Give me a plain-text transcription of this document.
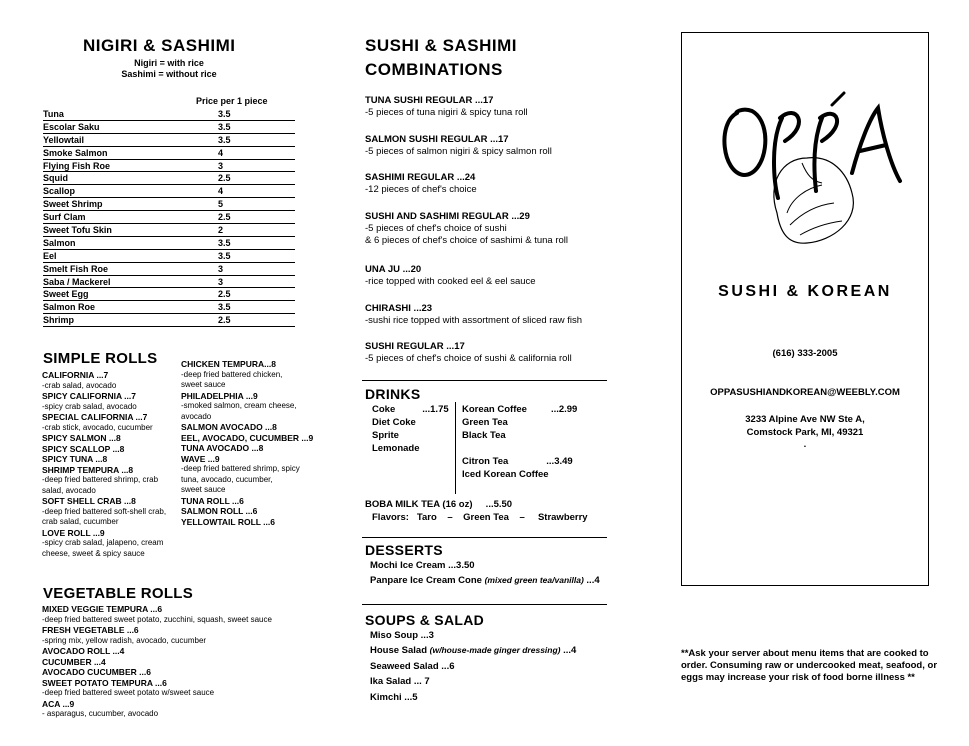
NIGIRI & SASHIMI
Nigiri = with rice
Sashimi = without rice
Price per 1 piece
Tuna	3.5
Escolar Saku	3.5
Yellowtail	3.5
Smoke Salmon	4
Flying Fish Roe	3
Squid	2.5
Scallop	4
Sweet Shrimp	5
Surf Clam	2.5
Sweet Tofu Skin	2
Salmon	3.5
Eel	3.5
Smelt Fish Roe	3
Saba / Mackerel	3
Sweet Egg	2.5
Salmon Roe	3.5
Shrimp	2.5
SIMPLE ROLLS
CALIFORNIA ...7
-crab salad, avocado
SPICY CALIFORNIA ...7
-spicy crab salad, avocado
SPECIAL CALIFORNIA ...7
-crab stick, avocado, cucumber
SPICY SALMON ...8
SPICY SCALLOP ...8
SPICY TUNA ...8
SHRIMP TEMPURA ...8
-deep fried battered shrimp, crab
salad, avocado
SOFT SHELL CRAB ...8
-deep fried battered soft-shell crab,
crab salad, cucumber
LOVE ROLL ...9
-spicy crab salad, jalapeno, cream
cheese, sweet & spicy sauce
CHICKEN TEMPURA...8
-deep fried battered chicken,
sweet sauce
PHILADELPHIA ...9
-smoked salmon, cream cheese,
avocado
SALMON AVOCADO ...8
EEL, AVOCADO, CUCUMBER ...9
TUNA AVOCADO ...8
WAVE ...9
-deep fried battered shrimp, spicy
tuna, avocado, cucumber,
sweet sauce
TUNA ROLL ...6
SALMON ROLL ...6
YELLOWTAIL ROLL ...6
VEGETABLE ROLLS
MIXED VEGGIE TEMPURA ...6
-deep fried battered sweet potato, zucchini, squash, sweet sauce
FRESH VEGETABLE ...6
-spring mix, yellow radish, avocado, cucumber
AVOCADO ROLL ...4
CUCUMBER ...4
AVOCADO CUCUMBER ...6
SWEET POTATO TEMPURA ...6
-deep fried battered sweet potato w/sweet sauce
ACA ...9
- asparagus, cucumber, avocado
SUSHI & SASHIMI
COMBINATIONS
TUNA SUSHI REGULAR ...17
-5 pieces of tuna nigiri & spicy tuna roll
SALMON SUSHI REGULAR ...17
-5 pieces of salmon nigiri & spicy salmon roll
SASHIMI REGULAR ...24
-12 pieces of chef's choice
SUSHI AND SASHIMI REGULAR ...29
-5 pieces of chef's choice of sushi
& 6 pieces of chef's choice of sashimi & tuna roll
UNA JU ...20
-rice topped with cooked eel & eel sauce
CHIRASHI ...23
-sushi rice topped with assortment of sliced raw fish
SUSHI REGULAR ...17
-5 pieces of chef's choice of sushi & california roll
DRINKS
Coke	...1.75
Diet Coke
Sprite
Lemonade
Korean Coffee	...2.99
Green Tea
Black Tea
Citron Tea	...3.49
Iced Korean Coffee
BOBA MILK TEA (16 oz)     ...5.50
Flavors:   Taro    –    Green Tea    –     Strawberry
DESSERTS
Mochi Ice Cream ...3.50
Panpare Ice Cream Cone (mixed green tea/vanilla) ...4
SOUPS & SALAD
Miso Soup ...3
House Salad (w/house-made ginger dressing) ...4
Seaweed Salad ...6
Ika Salad ... 7
Kimchi ...5
OPPA
SUSHI & KOREAN
(616) 333-2005
OPPASUSHIANDKOREAN@WEEBLY.COM
3233 Alpine Ave NW Ste A,
Comstock Park, MI, 49321
.
**Ask your server about menu items that are cooked to
order. Consuming raw or undercooked meat, seafood, or
eggs may increase your risk of food borne illness **
